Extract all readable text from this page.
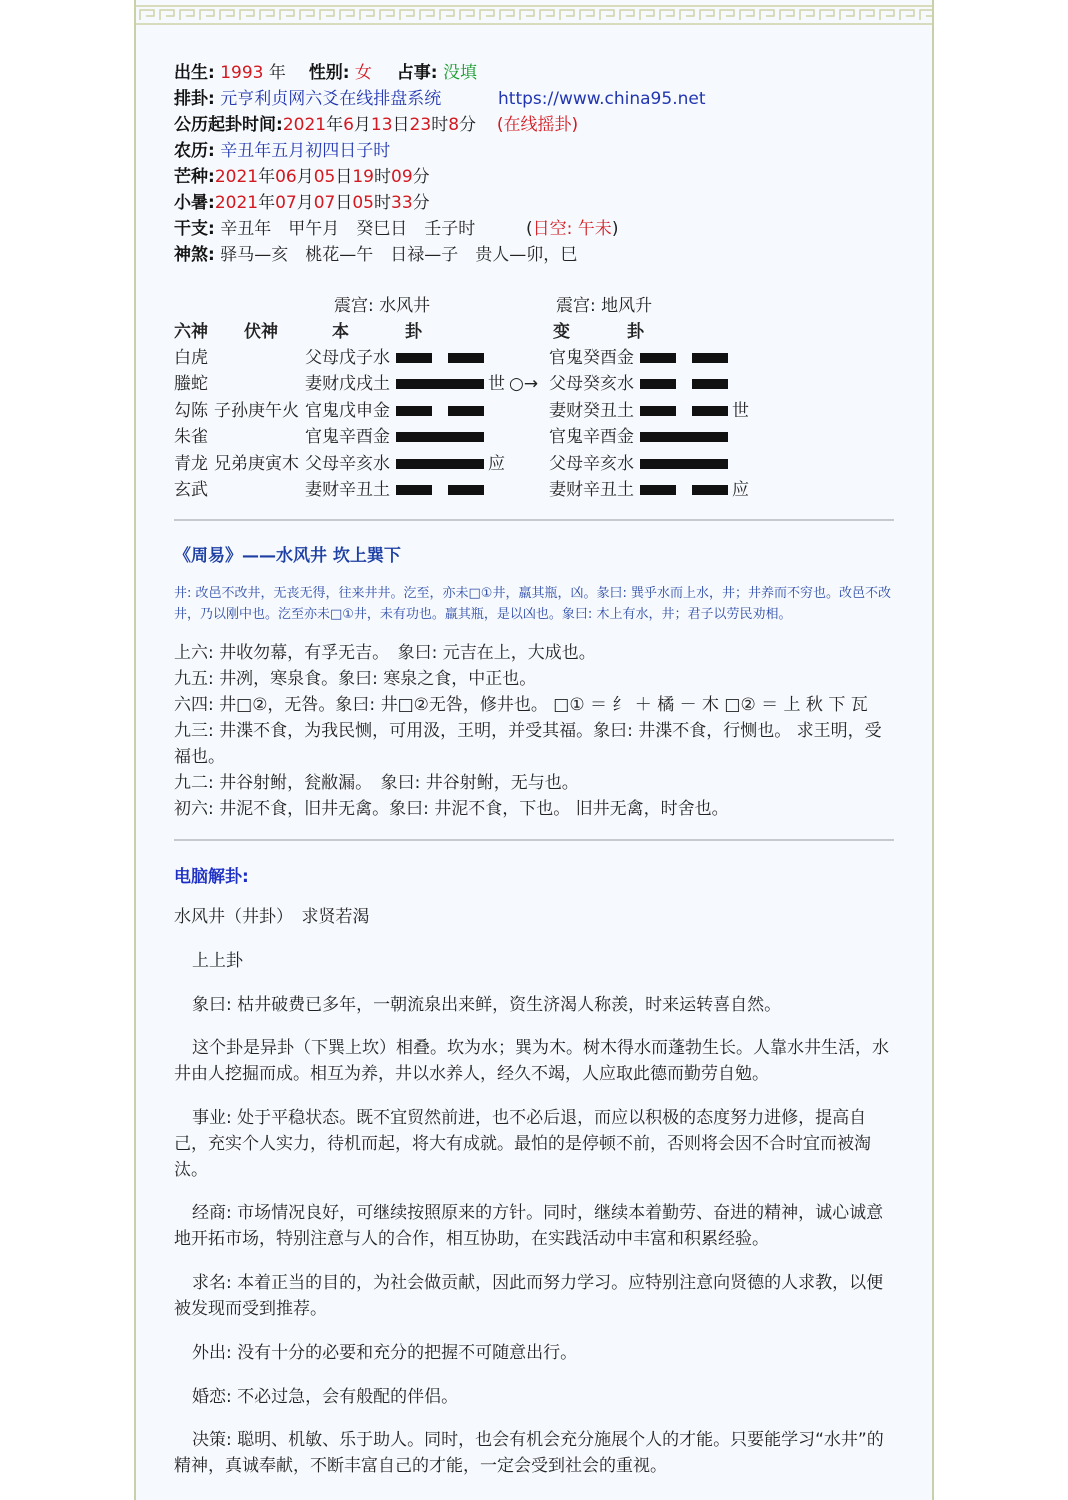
出生: 1993 年 性别: 女 占事: 没填
排卦: 元亨利贞网六爻在线排盘系统	https://www.china95.net
公历起卦时间:2021年6月13日23时8分 (在线摇卦)
农历: 辛丑年五月初四日子时
芒种:2021年06月05日19时09分
小暑:2021年07月07日05时33分
干支: 辛丑年　甲午月　癸巳日　壬子时	(日空: 午未)
神煞: 驿马—亥　桃花—午　日禄—子　贵人—卯，巳
震宫: 水风井	震宫: 地风升
六神 伏神	本	卦	变	卦
白虎	父母戊子水	官鬼癸酉金
螣蛇	妻财戊戌土	世 ○→ 父母癸亥水
勾陈 子孙庚午火 官鬼戊申金	妻财癸丑土	世
朱雀	官鬼辛酉金	官鬼辛酉金
青龙 兄弟庚寅木 父母辛亥水	应	父母辛亥水
玄武	妻财辛丑土	妻财辛丑土	应
《周易》——水风井 坎上巽下
井: 改邑不改井，无丧无得，往来井井。汔至，亦未□①井，羸其瓶，凶。彖曰: 巽乎水而上水，井；井养而不穷也。改邑不改井，乃以刚中也。汔至亦未□①井，未有功也。羸其瓶，是以凶也。象曰: 木上有水，井；君子以劳民劝相。
上六: 井收勿幕，有孚无吉。　象曰: 元吉在上，大成也。
九五: 井冽，寒泉食。象曰: 寒泉之食，中正也。
六四: 井□②，无咎。象曰: 井□②无咎，修井也。 □① ＝ 纟 ＋ 橘 － 木 □② ＝ 上 秋 下 瓦
九三: 井渫不食，为我民恻，可用汲，王明，并受其福。象曰: 井渫不食，行恻也。 求王明，受福也。
九二: 井谷射鲋，瓮敝漏。　象曰: 井谷射鲋，无与也。
初六: 井泥不食，旧井无禽。象曰: 井泥不食，下也。 旧井无禽，时舍也。
电脑解卦:
水风井（井卦）　求贤若渴
上上卦
象曰: 枯井破费已多年，一朝流泉出来鲜，资生济渴人称羡，时来运转喜自然。
这个卦是异卦（下巽上坎）相叠。坎为水；巽为木。树木得水而蓬勃生长。人靠水井生活，水井由人挖掘而成。相互为养，井以水养人，经久不竭，人应取此德而勤劳自勉。
事业: 处于平稳状态。既不宜贸然前进，也不必后退，而应以积极的态度努力进修，提高自己，充实个人实力，待机而起，将大有成就。最怕的是停顿不前，否则将会因不合时宜而被淘汰。
经商: 市场情况良好，可继续按照原来的方针。同时，继续本着勤劳、奋进的精神，诚心诚意地开拓市场，特别注意与人的合作，相互协助，在实践活动中丰富和积累经验。
求名: 本着正当的目的，为社会做贡献，因此而努力学习。应特别注意向贤德的人求教，以便被发现而受到推荐。
外出: 没有十分的必要和充分的把握不可随意出行。
婚恋: 不必过急，会有般配的伴侣。
决策: 聪明、机敏、乐于助人。同时，也会有机会充分施展个人的才能。只要能学习“水井”的精神，真诚奉献，不断丰富自己的才能，一定会受到社会的重视。
